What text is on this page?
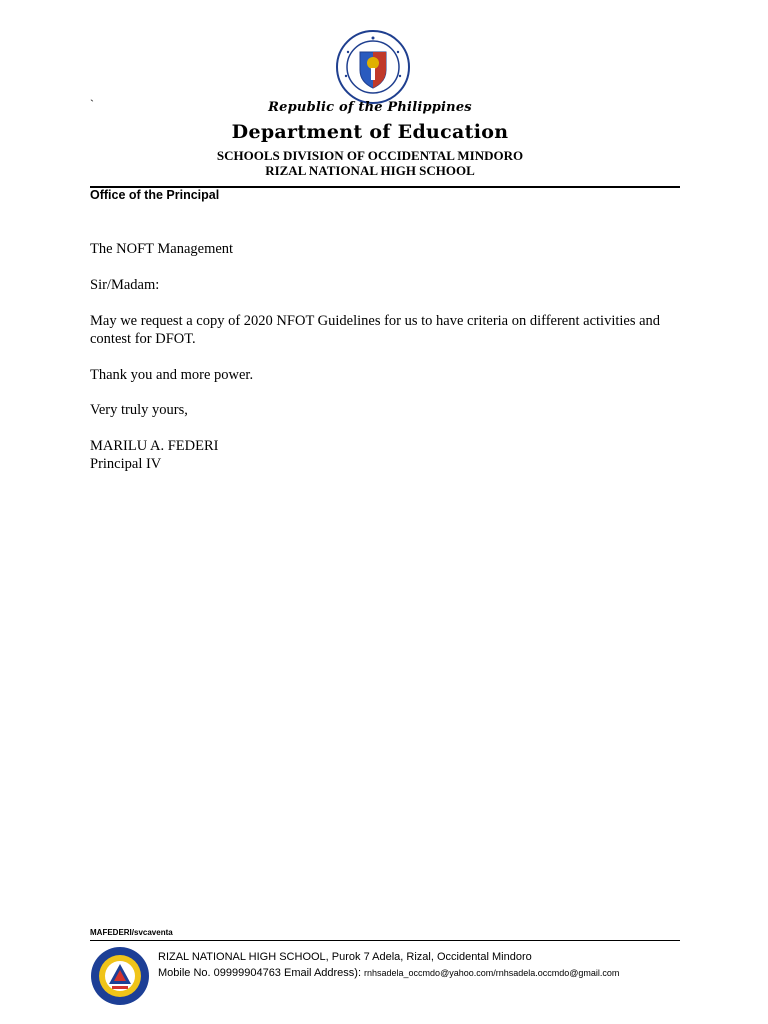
`	Republic of the Philippines
Department of Education
SCHOOLS DIVISION OF OCCIDENTAL MINDORO
RIZAL NATIONAL HIGH SCHOOL
Office of the Principal
The NOFT Management
Sir/Madam:
May we request a copy of 2020 NFOT Guidelines for us to have criteria on different activities and contest for DFOT.
Thank you and more power.
Very truly yours,
MARILU A. FEDERI
Principal IV
MAFEDERI/svcaventa
RIZAL NATIONAL HIGH SCHOOL, Purok 7 Adela, Rizal, Occidental Mindoro
Mobile No. 09999904763 Email Address): rnhsadela_occmdo@yahoo.com/rnhsadela.occmdo@gmail.com
